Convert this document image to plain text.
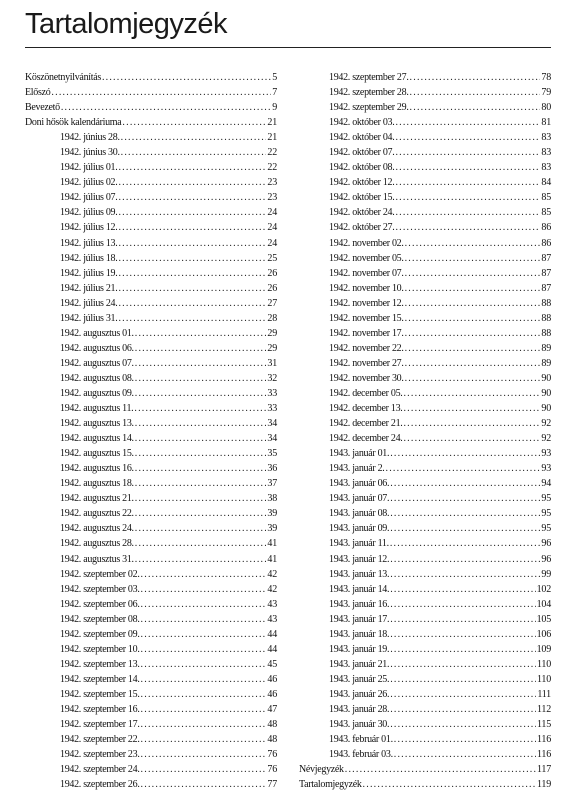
Tartalomjegyzék
Köszönetnyilvánítás .....	5
Előszó .....	7
Bevezető .....	9
Doni hősök kalendáriuma .....	21
1942. június 28. .....	21
1942. június 30. .....	22
1942. július 01. .....	22
1942. július 02. .....	23
1942. július 07. .....	23
1942. július 09. .....	24
1942. július 12. .....	24
1942. július 13. .....	24
1942. július 18. .....	25
1942. július 19. .....	26
1942. július 21. .....	26
1942. július 24. .....	27
1942. július 31. .....	28
1942. augusztus 01. .....	29
1942. augusztus 06. .....	29
1942. augusztus 07. .....	31
1942. augusztus 08. .....	32
1942. augusztus 09. .....	33
1942. augusztus 11. .....	33
1942. augusztus 13. .....	34
1942. augusztus 14. .....	34
1942. augusztus 15. .....	35
1942. augusztus 16. .....	36
1942. augusztus 18. .....	37
1942. augusztus 21. .....	38
1942. augusztus 22. .....	39
1942. augusztus 24. .....	39
1942. augusztus 28. .....	41
1942. augusztus 31. .....	41
1942. szeptember 02. .....	42
1942. szeptember 03. .....	42
1942. szeptember 06. .....	43
1942. szeptember 08. .....	43
1942. szeptember 09. .....	44
1942. szeptember 10. .....	44
1942. szeptember 13. .....	45
1942. szeptember 14. .....	46
1942. szeptember 15. .....	46
1942. szeptember 16. .....	47
1942. szeptember 17. .....	48
1942. szeptember 22. .....	48
1942. szeptember 23. .....	76
1942. szeptember 24. .....	76
1942. szeptember 26. .....	77
1942. szeptember 27. .....	78
1942. szeptember 28. .....	79
1942. szeptember 29. .....	80
1942. október 03. .....	81
1942. október 04. .....	83
1942. október 07. .....	83
1942. október 08. .....	83
1942. október 12. .....	84
1942. október 15. .....	85
1942. október 24. .....	85
1942. október 27. .....	86
1942. november 02. .....	86
1942. november 05. .....	87
1942. november 07. .....	87
1942. november 10. .....	87
1942. november 12. .....	88
1942. november 15. .....	88
1942. november 17. .....	88
1942. november 22. .....	89
1942. november 27. .....	89
1942. november 30. .....	90
1942. december 05. .....	90
1942. december 13. .....	90
1942. december 21. .....	92
1942. december 24. .....	92
1943. január 01. .....	93
1943. január 2. .....	93
1943. január 06. .....	94
1943. január 07. .....	95
1943. január 08. .....	95
1943. január 09. .....	95
1943. január 11. .....	96
1943. január 12. .....	96
1943. január 13. .....	99
1943. január 14. .....	102
1943. január 16. .....	104
1943. január 17. .....	105
1943. január 18. .....	106
1943. január 19. .....	109
1943. január 21. .....	110
1943. január 25. .....	110
1943. január 26. .....	111
1943. január 28. .....	112
1943. január 30. .....	115
1943. február 01. .....	116
1943. február 03. .....	116
Névjegyzék .....	117
Tartalomjegyzék .....	119
